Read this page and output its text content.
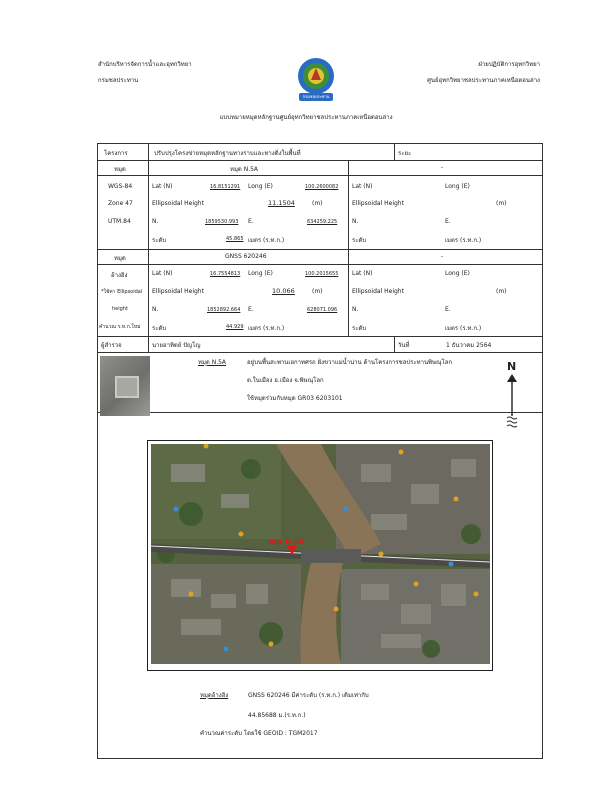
สำนักบริหารจัดการน้ำและอุทกวิทยา
กรมชลประทาน
ฝ่ายปฏิบัติการอุทกวิทยา
ศูนย์อุทกวิทยาชลประทานภาคเหนือตอนล่าง
กรมชลประทาน
แบบหมายหมุดหลักฐานศูนย์อุทกวิทยาชลประทานภาคเหนือตอนล่าง
โครงการ	ปรับปรุงโครงข่ายหมุดหลักฐานทางราบและทางดิ่งในพื้นที่	ระยะ
หมุด	หมุด N.5A	-
WGS-84
Zone 47
UTM.84
Lat (N)	16.8151291 Long (E)	100.2600082
Ellipsoidal Height	11.1504	(m)
N.	1859530.993 E.	634259.225
ระดับ	45.865 เมตร (ร.ท.ก.)
Lat (N)	Long (E)
Ellipsoidal Height	(m)
N.	E.
ระดับ	เมตร (ร.ท.ก.)
หมุด	GNSS 620246	-
อ้างอิง
*ใช้ค่า Ellipsoidal
height
คำนวณ ร.ท.ก.ใหม่
Lat (N)	16.7554813 Long (E)	100.2015655
Ellipsoidal Height	10.066	(m)
N.	1852892.664 E.	628071.096
ระดับ	44.929 เมตร (ร.ท.ก.)
Lat (N)	Long (E)
Ellipsoidal Height	(m)
N.	E.
ระดับ	เมตร (ร.ท.ก.)
ผู้สำรวจ	นายอาทิตย์ ปัญโญ	วันที่	1 ธันวาคม 2564
หมุด N.5A	อยู่บนพื้นสะพานเอกาทศรถ ฝั่งขวาแม่น้ำน่าน ด้านโครงการชลประทานพิษณุโลก
ต.ในเมือง อ.เมือง จ.พิษณุโลก
ใช้หมุดร่วมกับหมุด GR03 6203101
N
หมุด N.5A
หมุดอ้างอิง	GNSS 620246 มีค่าระดับ (ร.ท.ก.) เดิมเท่ากับ
44.85688 ม.(ร.ท.ก.)
คำนวณค่าระดับ โดยใช้ GEOID : TGM2017
